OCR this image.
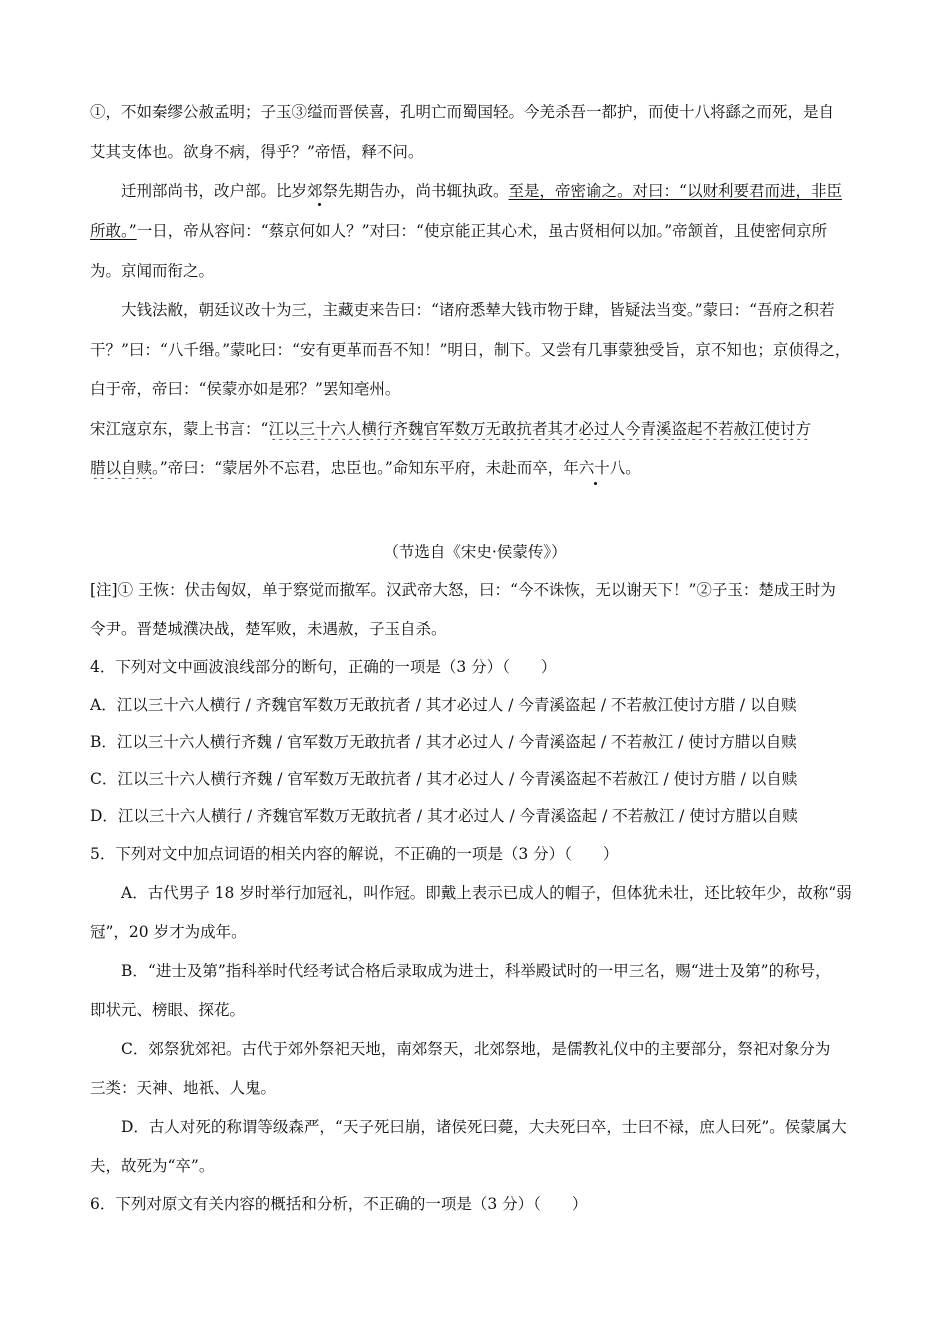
①，不如秦缪公赦孟明；子玉③缢而晋侯喜，孔明亡而蜀国轻。今羌杀吾一都护，而使十八将繇之而死，是自
艾其支体也。欲身不病，得乎？”帝悟，释不问。
迁刑部尚书，改户部。比岁郊祭先期告办，尚书辄执政。至是，帝密谕之。对曰：“以财利要君而进，非臣
所敢。”一日，帝从容问：“蔡京何如人？”对曰：“使京能正其心术，虽古贤相何以加。”帝颔首，且使密伺京所
为。京闻而衔之。
大钱法敝，朝廷议改十为三，主藏吏来告曰：“诸府悉辇大钱市物于肆，皆疑法当变。”蒙曰：“吾府之积若
干？”曰：“八千缗。”蒙叱曰：“安有更革而吾不知！”明日，制下。又尝有几事蒙独受旨，京不知也；京侦得之，
白于帝，帝曰：“侯蒙亦如是邪？”罢知亳州。
宋江寇京东，蒙上书言：“江以三十六人横行齐魏官军数万无敢抗者其才必过人今青溪盗起不若赦江使讨方
腊以自赎。”帝曰：“蒙居外不忘君，忠臣也。”命知东平府，未赴而卒，年六十八。
（节选自《宋史·侯蒙传》）
[注]① 王恢：伏击匈奴，单于察觉而撤军。汉武帝大怒，曰：“今不诛恢，无以谢天下！”②子玉：楚成王时为
令尹。晋楚城濮决战，楚军败，未遇赦，子玉自杀。
4．下列对文中画波浪线部分的断句，正确的一项是（3 分）（　　）
A．江以三十六人横行 / 齐魏官军数万无敢抗者 / 其才必过人 / 今青溪盗起 / 不若赦江使讨方腊 / 以自赎
B．江以三十六人横行齐魏 / 官军数万无敢抗者 / 其才必过人 / 今青溪盗起 / 不若赦江 / 使讨方腊以自赎
C．江以三十六人横行齐魏 / 官军数万无敢抗者 / 其才必过人 / 今青溪盗起不若赦江 / 使讨方腊 / 以自赎
D．江以三十六人横行 / 齐魏官军数万无敢抗者 / 其才必过人 / 今青溪盗起 / 不若赦江 / 使讨方腊以自赎
5．下列对文中加点词语的相关内容的解说，不正确的一项是（3 分）（　　）
A．古代男子 18 岁时举行加冠礼，叫作冠。即戴上表示已成人的帽子，但体犹未壮，还比较年少，故称“弱
冠”，20 岁才为成年。
B．“进士及第”指科举时代经考试合格后录取成为进士，科举殿试时的一甲三名，赐“进士及第”的称号，
即状元、榜眼、探花。
C．郊祭犹郊祀。古代于郊外祭祀天地，南郊祭天，北郊祭地，是儒教礼仪中的主要部分，祭祀对象分为
三类：天神、地祇、人鬼。
D．古人对死的称谓等级森严，“天子死曰崩，诸侯死曰薨，大夫死曰卒，士曰不禄，庶人曰死”。侯蒙属大
夫，故死为“卒”。
6．下列对原文有关内容的概括和分析，不正确的一项是（3 分）（　　）
